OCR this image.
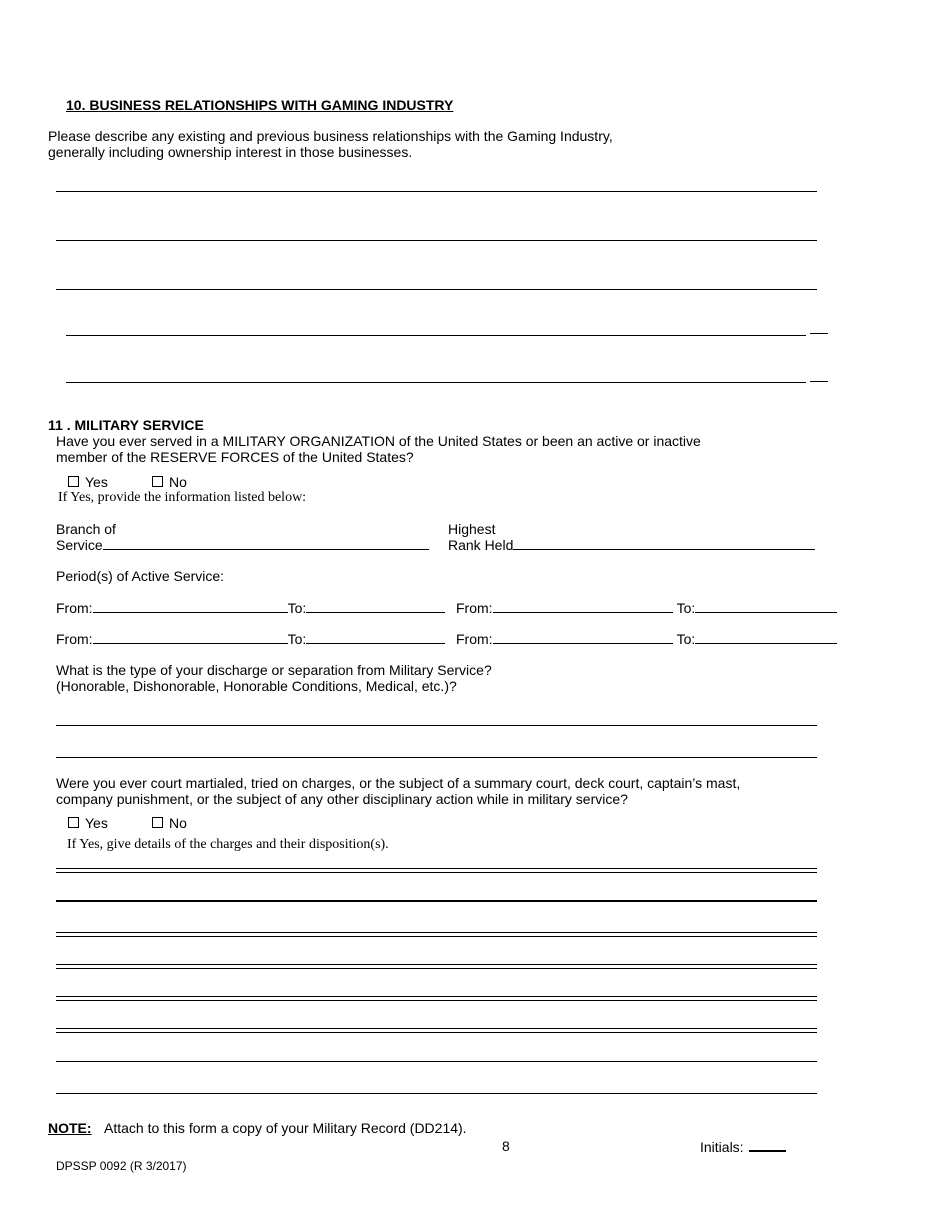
10. BUSINESS RELATIONSHIPS WITH GAMING INDUSTRY
Please describe any existing and previous business relationships with the Gaming Industry,
generally including ownership interest in those businesses.
11 . MILITARY SERVICE
Have you ever served in a MILITARY ORGANIZATION of the United States or been an active or inactive
member of the RESERVE FORCES of the United States?
Yes	No
If Yes, provide the information listed below:
Branch of
Service
Highest
Rank Held
Period(s) of Active Service:
From:	To:	From:	To:
From:	To:	From:	To:
What is the type of your discharge or separation from Military Service?
(Honorable, Dishonorable, Honorable Conditions, Medical, etc.)?
Were you ever court martialed, tried on charges, or the subject of a summary court, deck court, captain’s mast,
company punishment, or the subject of any other disciplinary action while in military service?
Yes	No
If Yes, give details of the charges and their disposition(s).
NOTE: Attach to this form a copy of your Military Record (DD214).
8	Initials:
DPSSP 0092 (R 3/2017)
